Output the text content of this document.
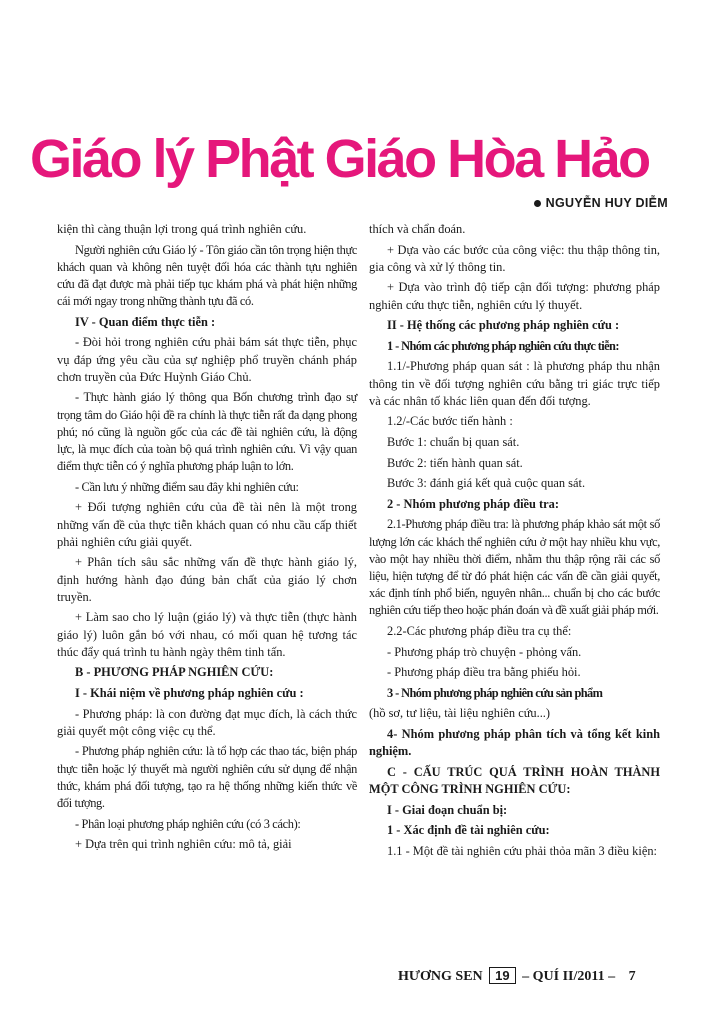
Giáo lý Phật Giáo Hòa Hảo
NGUYỄN HUY DIỄM

kiện thì càng thuận lợi trong quá trình nghiên cứu.

Người nghiên cứu Giáo lý - Tôn giáo cần tôn trọng hiện thực khách quan và không nên tuyệt đối hóa các thành tựu nghiên cứu đã đạt được mà phải tiếp tục khám phá và phát hiện những cái mới ngay trong những thành tựu đã có.

IV - Quan điểm thực tiễn :

- Đòi hỏi trong nghiên cứu phải bám sát thực tiễn, phục vụ đáp ứng yêu cầu của sự nghiệp phổ truyền chánh pháp chơn truyền của Đức Huỳnh Giáo Chủ.

- Thực hành giáo lý thông qua Bốn chương trình đạo sự trọng tâm do Giáo hội đề ra chính là thực tiễn rất đa dạng phong phú; nó cũng là nguồn gốc của các đề tài nghiên cứu, là động lực, là mục đích của toàn bộ quá trình nghiên cứu. Vì vậy quan điểm thực tiễn có ý nghĩa phương pháp luận to lớn.

- Cần lưu ý những điểm sau đây khi nghiên cứu:

+ Đối tượng nghiên cứu của đề tài nên là một trong những vấn đề của thực tiễn khách quan có nhu cầu cấp thiết phải nghiên cứu giải quyết.

+ Phân tích sâu sắc những vấn đề thực hành giáo lý, định hướng hành đạo đúng bản chất của giáo lý chơn truyền.

+ Làm sao cho lý luận (giáo lý) và thực tiễn (thực hành giáo lý) luôn gắn bó với nhau, có mối quan hệ tương tác thúc đẩy quá trình tu hành ngày thêm tinh tấn.

B - PHƯƠNG PHÁP NGHIÊN CỨU:

I - Khái niệm về phương pháp nghiên cứu :

- Phương pháp: là con đường đạt mục đích, là cách thức giải quyết một công việc cụ thể.

- Phương pháp nghiên cứu: là tổ hợp các thao tác, biện pháp thực tiễn hoặc lý thuyết mà người nghiên cứu sử dụng để nhận thức, khám phá đối tượng, tạo ra hệ thống những kiến thức về đối tượng.

- Phân loại phương pháp nghiên cứu (có 3 cách):

+ Dựa trên qui trình nghiên cứu: mô tả, giải

thích và chẩn đoán.

+ Dựa vào các bước của công việc: thu thập thông tin, gia công và xử lý thông tin.

+ Dựa vào trình độ tiếp cận đối tượng: phương pháp nghiên cứu thực tiễn, nghiên cứu lý thuyết.

II - Hệ thống các phương pháp nghiên cứu :

1 - Nhóm các phương pháp nghiên cứu thực tiễn:

1.1/-Phương pháp quan sát : là phương pháp thu nhận thông tin về đối tượng nghiên cứu bằng tri giác trực tiếp và các nhân tố khác liên quan đến đối tượng.

1.2/-Các bước tiến hành :

Bước 1: chuẩn bị quan sát.

Bước 2: tiến hành quan sát.

Bước 3: đánh giá kết quả cuộc quan sát.

2 - Nhóm phương pháp điều tra:

2.1-Phương pháp điều tra: là phương pháp khảo sát một số lượng lớn các khách thể nghiên cứu ở một hay nhiều khu vực, vào một hay nhiều thời điểm, nhằm thu thập rộng rãi các số liệu, hiện tượng để từ đó phát hiện các vấn đề cần giải quyết, xác định tính phổ biến, nguyên nhân... chuẩn bị cho các bước nghiên cứu tiếp theo hoặc phán đoán và đề xuất giải pháp mới.

2.2-Các phương pháp điều tra cụ thể:

- Phương pháp trò chuyện - phỏng vấn.

- Phương pháp điều tra bằng phiếu hỏi.

3 - Nhóm phương pháp nghiên cứu sản phẩm

(hồ sơ, tư liệu, tài liệu nghiên cứu...)

4- Nhóm phương pháp phân tích và tổng kết kinh nghiệm.

C - CẤU TRÚC QUÁ TRÌNH HOÀN THÀNH MỘT CÔNG TRÌNH NGHIÊN CỨU:

I - Giai đoạn chuẩn bị:

1 - Xác định đề tài nghiên cứu:

1.1 - Một đề tài nghiên cứu phải thỏa mãn 3 điều kiện:

HƯƠNG SEN 19 – QUÍ II/2011 – 7
